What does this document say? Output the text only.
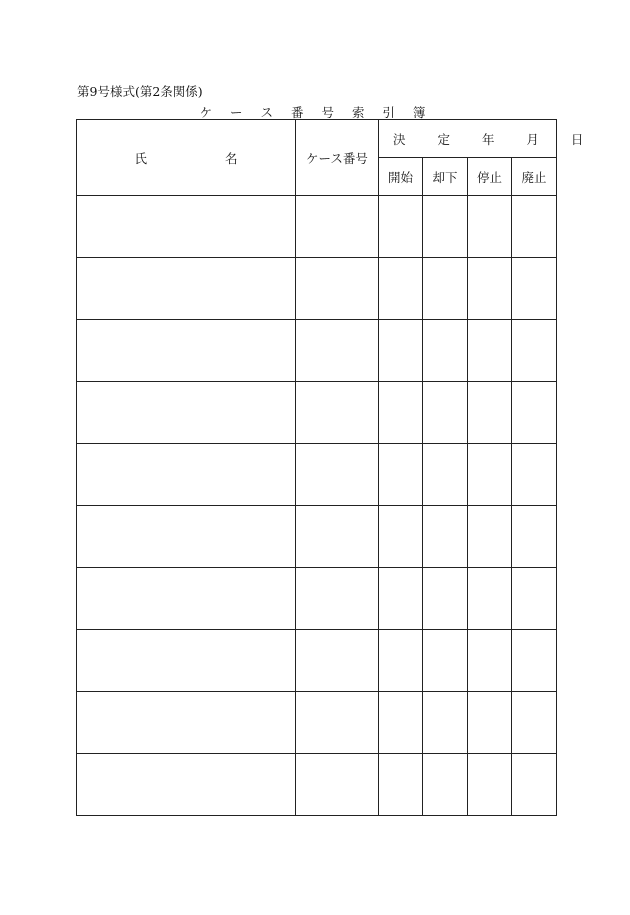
第9号様式(第2条関係)
ケ ー ス 番 号 索 引 簿
氏 名	ケース番号	決 定 年 月 日			
		開始	却下	停止	廃止
